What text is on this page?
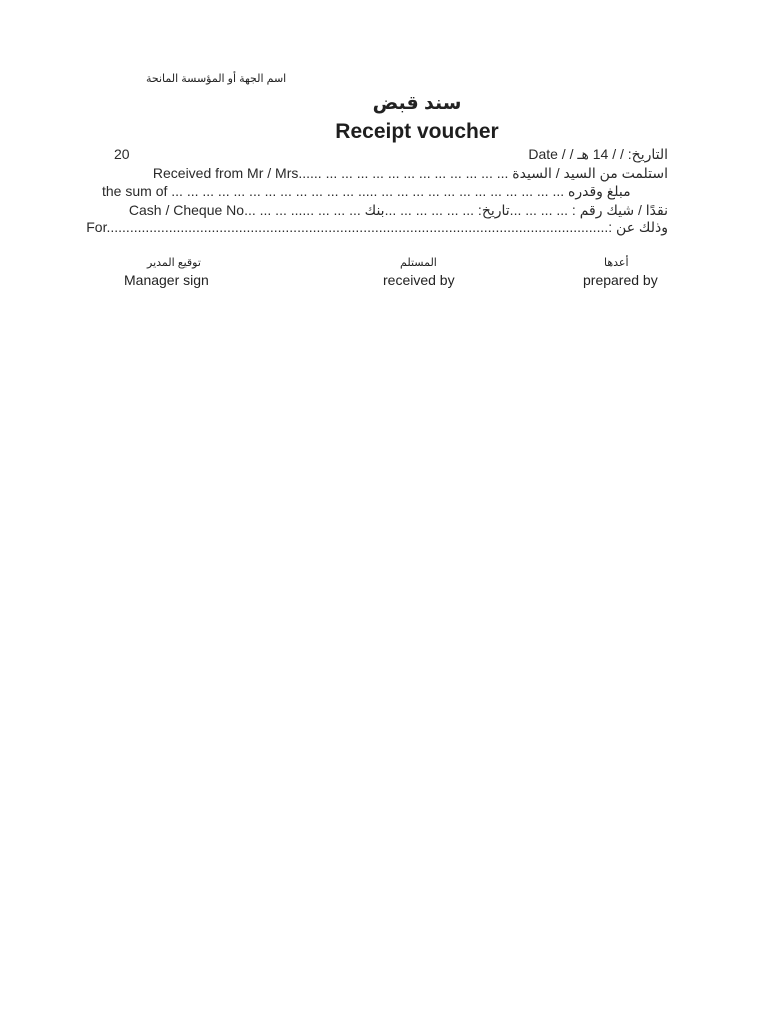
اسم الجهة أو المؤسسة المانحة
سند قبض
Receipt voucher
20	Date / / التاريخ: / / 14 هـ
Received from Mr / Mrs...... ... ... ... ... ... ... ... ... ... ... ... ... استلمت من السيد / السيدة
the sum of ... ... ... ... ... ... ... ... ... ... ... ... ..... ... ... ... ... ... ... ... ... ... ... ... ... مبلغ وقدره
Cash / Cheque No... ... ... ...... ... ... ... نقدًا / شيك رقم : ... ... ... ...تاريخ: ... ... ... ... ... ...بنك
For.................................................................................................................................: وذلك عن
توقيع المدير
Manager sign
المستلم
received by
أعدها
prepared by
